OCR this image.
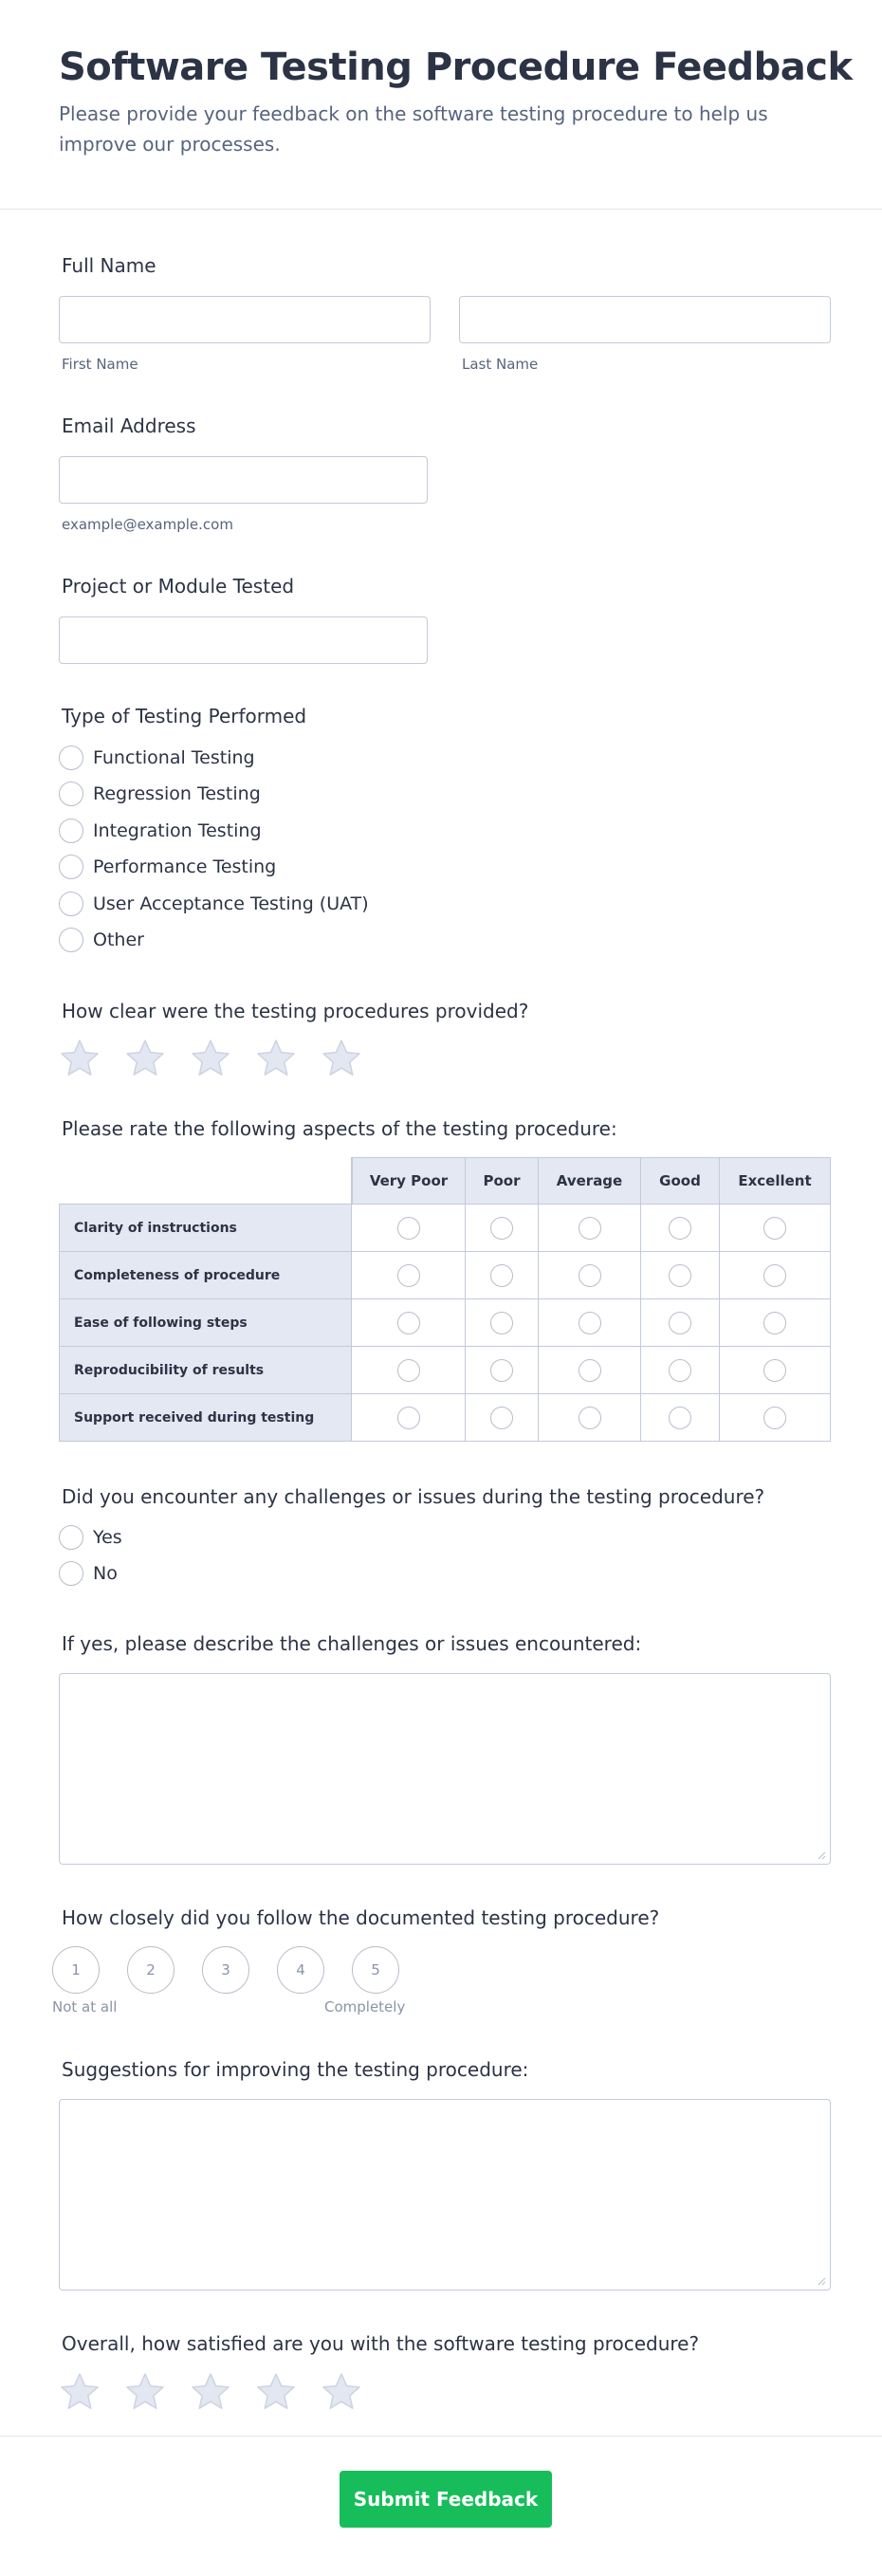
Software Testing Procedure Feedback

Please provide your feedback on the software testing procedure to help us improve our processes.

Full Name
First Name	Last Name
Email Address
example@example.com
Project or Module Tested
Type of Testing Performed
Functional Testing
Regression Testing
Integration Testing
Performance Testing
User Acceptance Testing (UAT)
Other
How clear were the testing procedures provided?
Please rate the following aspects of the testing procedure:
	Very Poor	Poor	Average	Good	Excellent
Clarity of instructions					
Completeness of procedure					
Ease of following steps					
Reproducibility of results					
Support received during testing					
Did you encounter any challenges or issues during the testing procedure?
Yes
No
If yes, please describe the challenges or issues encountered:
How closely did you follow the documented testing procedure?
1	2	3	4	5
Not at all	Completely
Suggestions for improving the testing procedure:
Overall, how satisfied are you with the software testing procedure?
Submit Feedback
